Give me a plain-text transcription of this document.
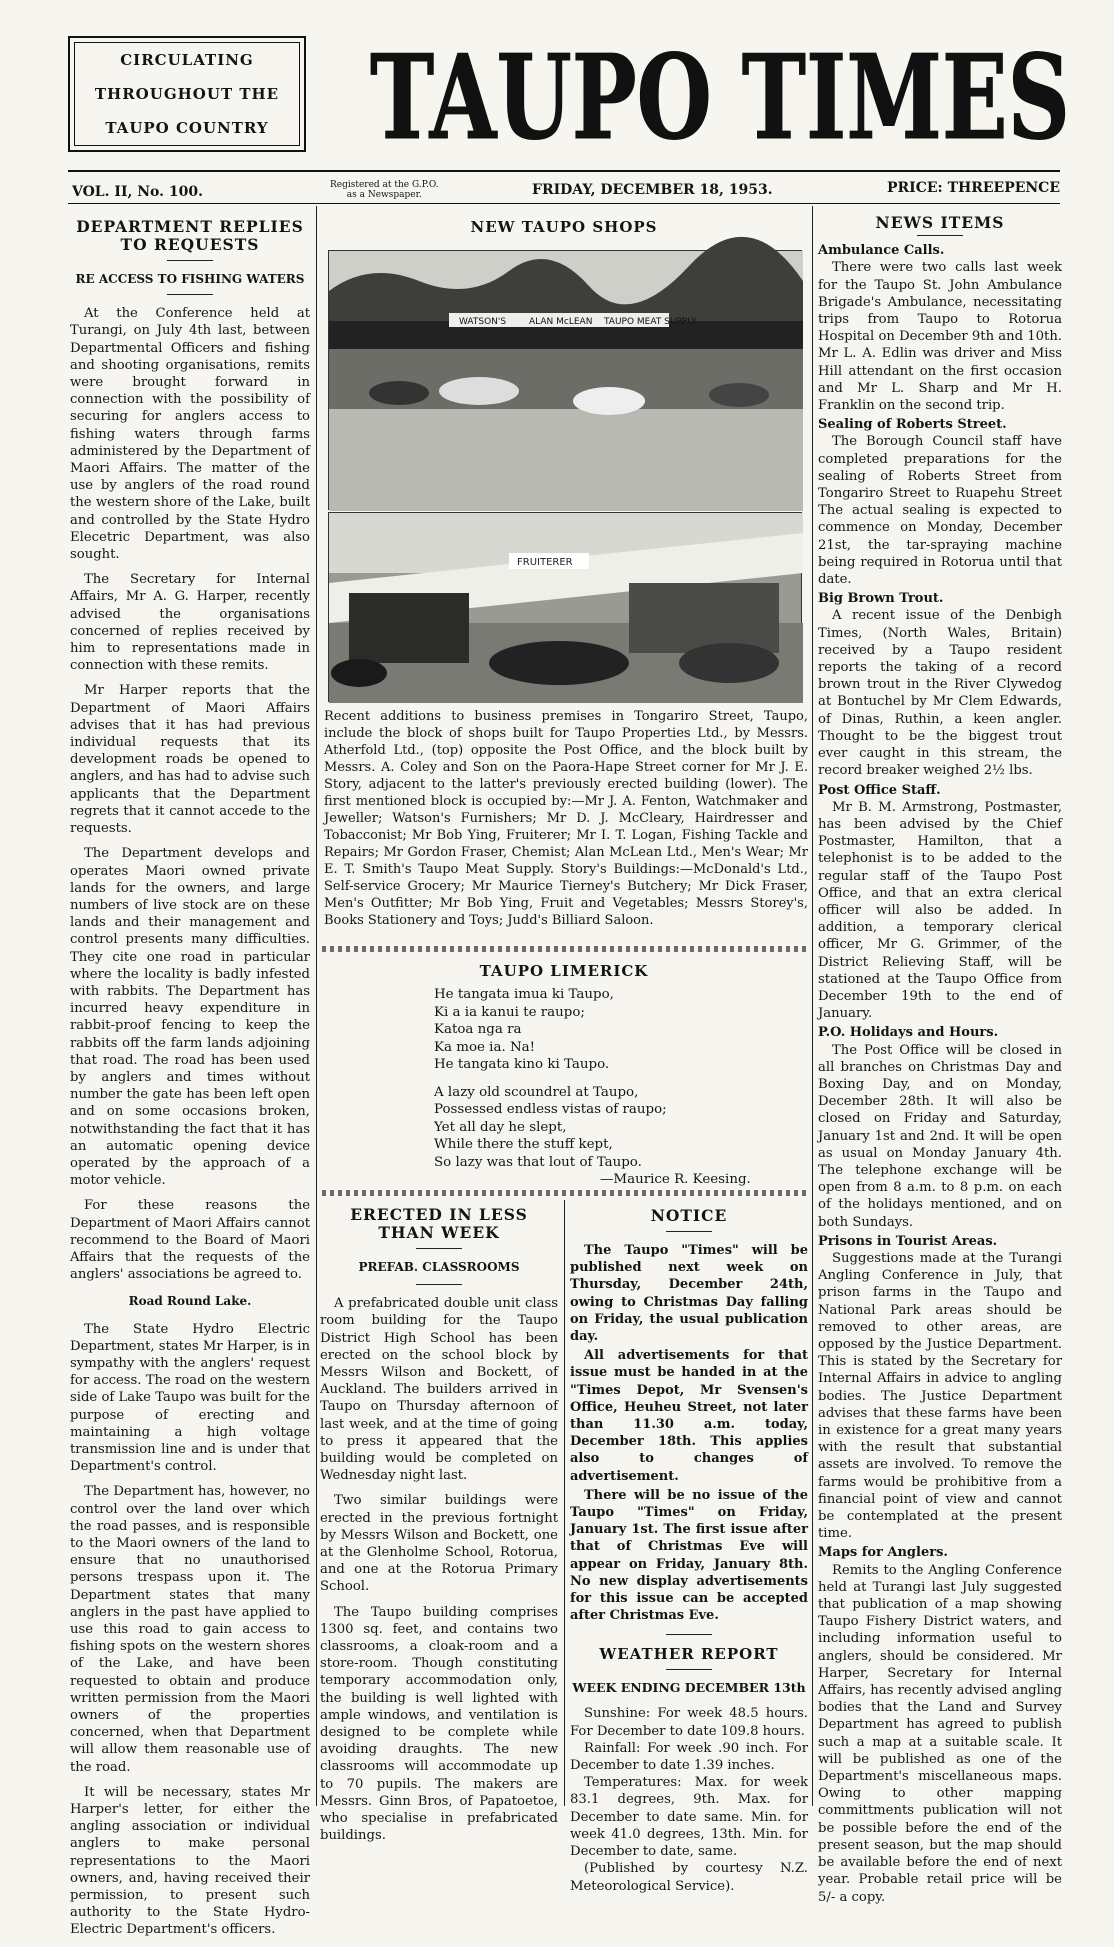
CIRCULATING
THROUGHOUT THE
TAUPO COUNTRY TAUPO TIMES
VOL. II, No. 100.	Registered at the G.P.O.
as a Newspaper.	FRIDAY, DECEMBER 18, 1953.	PRICE: THREEPENCE
DEPARTMENT REPLIES TO REQUESTS
RE ACCESS TO FISHING WATERS

At the Conference held at Turangi, on July 4th last, between Departmental Officers and fishing and shooting organisations, remits were brought forward in connection with the possibility of securing for anglers access to fishing waters through farms administered by the Department of Maori Affairs. The matter of the use by anglers of the road round the western shore of the Lake, built and controlled by the State Hydro Elecetric Department, was also sought.

The Secretary for Internal Affairs, Mr A. G. Harper, recently advised the organisations concerned of replies received by him to representations made in connection with these remits.

Mr Harper reports that the Department of Maori Affairs advises that it has had previous individual requests that its development roads be opened to anglers, and has had to advise such applicants that the Department regrets that it cannot accede to the requests.

The Department develops and operates Maori owned private lands for the owners, and large numbers of live stock are on these lands and their management and control presents many difficulties. They cite one road in particular where the locality is badly infested with rabbits. The Department has incurred heavy expenditure in rabbit-proof fencing to keep the rabbits off the farm lands adjoining that road. The road has been used by anglers and times without number the gate has been left open and on some occasions broken, notwithstanding the fact that it has an automatic opening device operated by the approach of a motor vehicle.

For these reasons the Department of Maori Affairs cannot recommend to the Board of Maori Affairs that the requests of the anglers' associations be agreed to.

Road Round Lake.

The State Hydro Electric Department, states Mr Harper, is in sympathy with the anglers' request for access. The road on the western side of Lake Taupo was built for the purpose of erecting and maintaining a high voltage transmission line and is under that Department's control.

The Department has, however, no control over the land over which the road passes, and is responsible to the Maori owners of the land to ensure that no unauthorised persons trespass upon it. The Department states that many anglers in the past have applied to use this road to gain access to fishing spots on the western shores of the Lake, and have been requested to obtain and produce written permission from the Maori owners of the properties concerned, when that Department will allow them reasonable use of the road.

It will be necessary, states Mr Harper's letter, for either the angling association or individual anglers to make personal representations to the Maori owners, and, having received their permission, to present such authority to the State Hydro-Electric Department's officers.

NEW TAUPO SHOPS
WATSON'S	ALAN McLEAN TAUPO MEAT SUPPLY
FRUITERER
Recent additions to business premises in Tongariro Street, Taupo, include the block of shops built for Taupo Properties Ltd., by Messrs. Atherfold Ltd., (top) opposite the Post Office, and the block built by Messrs. A. Coley and Son on the Paora-Hape Street corner for Mr J. E. Story, adjacent to the latter's previously erected building (lower). The first mentioned block is occupied by:—Mr J. A. Fenton, Watchmaker and Jeweller; Watson's Furnishers; Mr D. J. McCleary, Hairdresser and Tobacconist; Mr Bob Ying, Fruiterer; Mr I. T. Logan, Fishing Tackle and Repairs; Mr Gordon Fraser, Chemist; Alan McLean Ltd., Men's Wear; Mr E. T. Smith's Taupo Meat Supply. Story's Buildings:—McDonald's Ltd., Self-service Grocery; Mr Maurice Tierney's Butchery; Mr Dick Fraser, Men's Outfitter; Mr Bob Ying, Fruit and Vegetables; Messrs Storey's, Books Stationery and Toys; Judd's Billiard Saloon.
TAUPO LIMERICK
He tangata imua ki Taupo,
Ki a ia kanui te raupo;
Katoa nga ra
Ka moe ia. Na!
He tangata kino ki Taupo.
A lazy old scoundrel at Taupo,
Possessed endless vistas of raupo;
Yet all day he slept,
While there the stuff kept,
So lazy was that lout of Taupo.
—Maurice R. Keesing.
ERECTED IN LESS THAN WEEK
PREFAB. CLASSROOMS

A prefabricated double unit class room building for the Taupo District High School has been erected on the school block by Messrs Wilson and Bockett, of Auckland. The builders arrived in Taupo on Thursday afternoon of last week, and at the time of going to press it appeared that the building would be completed on Wednesday night last.

Two similar buildings were erected in the previous fortnight by Messrs Wilson and Bockett, one at the Glenholme School, Rotorua, and one at the Rotorua Primary School.

The Taupo building comprises 1300 sq. feet, and contains two classrooms, a cloak-room and a store-room. Though constituting temporary accommodation only, the building is well lighted with ample windows, and ventilation is designed to be complete while avoiding draughts. The new classrooms will accommodate up to 70 pupils. The makers are Messrs. Ginn Bros, of Papatoetoe, who specialise in prefabricated buildings.

NOTICE

The Taupo "Times" will be published next week on Thursday, December 24th, owing to Christmas Day falling on Friday, the usual publication day.

All advertisements for that issue must be handed in at the "Times Depot, Mr Svensen's Office, Heuheu Street, not later than 11.30 a.m. today, December 18th. This applies also to changes of advertisement.

There will be no issue of the Taupo "Times" on Friday, January 1st. The first issue after that of Christmas Eve will appear on Friday, January 8th. No new display advertisements for this issue can be accepted after Christmas Eve.

WEATHER REPORT
WEEK ENDING DECEMBER 13th

Sunshine: For week 48.5 hours. For December to date 109.8 hours.

Rainfall: For week .90 inch. For December to date 1.39 inches.

Temperatures: Max. for week 83.1 degrees, 9th. Max. for December to date same. Min. for week 41.0 degrees, 13th. Min. for December to date, same.

(Published by courtesy N.Z. Meteorological Service).

NEWS ITEMS
Ambulance Calls.

There were two calls last week for the Taupo St. John Ambulance Brigade's Ambulance, necessitating trips from Taupo to Rotorua Hospital on December 9th and 10th. Mr L. A. Edlin was driver and Miss Hill attendant on the first occasion and Mr L. Sharp and Mr H. Franklin on the second trip.

Sealing of Roberts Street.

The Borough Council staff have completed preparations for the sealing of Roberts Street from Tongariro Street to Ruapehu Street The actual sealing is expected to commence on Monday, December 21st, the tar-spraying machine being required in Rotorua until that date.

Big Brown Trout.

A recent issue of the Denbigh Times, (North Wales, Britain) received by a Taupo resident reports the taking of a record brown trout in the River Clywedog at Bontuchel by Mr Clem Edwards, of Dinas, Ruthin, a keen angler. Thought to be the biggest trout ever caught in this stream, the record breaker weighed 2½ lbs.

Post Office Staff.

Mr B. M. Armstrong, Postmaster, has been advised by the Chief Postmaster, Hamilton, that a telephonist is to be added to the regular staff of the Taupo Post Office, and that an extra clerical officer will also be added. In addition, a temporary clerical officer, Mr G. Grimmer, of the District Relieving Staff, will be stationed at the Taupo Office from December 19th to the end of January.

P.O. Holidays and Hours.

The Post Office will be closed in all branches on Christmas Day and Boxing Day, and on Monday, December 28th. It will also be closed on Friday and Saturday, January 1st and 2nd. It will be open as usual on Monday January 4th. The telephone exchange will be open from 8 a.m. to 8 p.m. on each of the holidays mentioned, and on both Sundays.

Prisons in Tourist Areas.

Suggestions made at the Turangi Angling Conference in July, that prison farms in the Taupo and National Park areas should be removed to other areas, are opposed by the Justice Department. This is stated by the Secretary for Internal Affairs in advice to angling bodies. The Justice Department advises that these farms have been in existence for a great many years with the result that substantial assets are involved. To remove the farms would be prohibitive from a financial point of view and cannot be contemplated at the present time.

Maps for Anglers.

Remits to the Angling Conference held at Turangi last July suggested that publication of a map showing Taupo Fishery District waters, and including information useful to anglers, should be considered. Mr Harper, Secretary for Internal Affairs, has recently advised angling bodies that the Land and Survey Department has agreed to publish such a map at a suitable scale. It will be published as one of the Department's miscellaneous maps. Owing to other mapping committments publication will not be possible before the end of the present season, but the map should be available before the end of next year. Probable retail price will be 5/- a copy.
